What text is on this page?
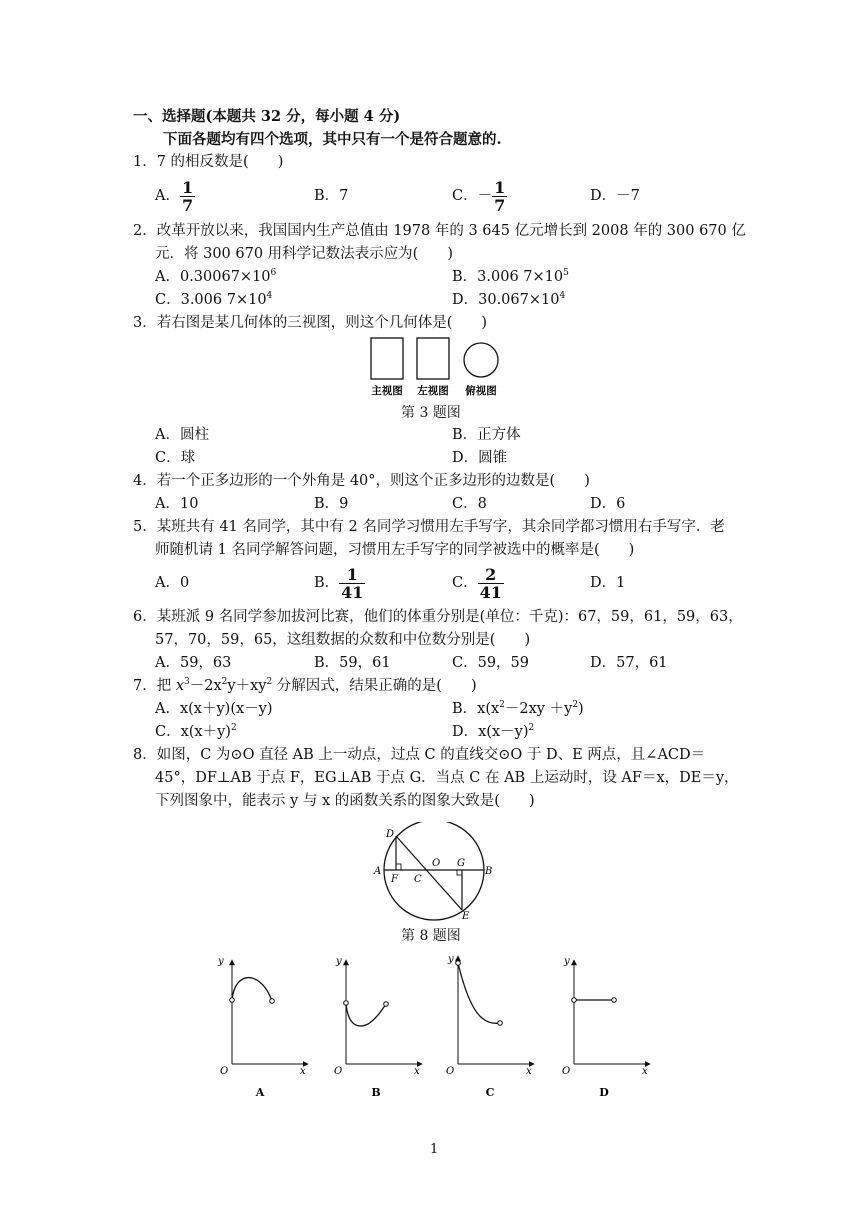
一、选择题(本题共 32 分，每小题 4 分)
下面各题均有四个选项，其中只有一个是符合题意的.
1．7 的相反数是(　　)
A． $\frac{1}{7}$	B．7	C．－ $\frac{1}{7}$	D．－7
2．改革开放以来，我国国内生产总值由 1978 年的 3 645 亿元增长到 2008 年的 300 670 亿
元．将 300 670 用科学记数法表示应为(　　)
A．$0.30067\times 10^6$	B．3.006 $7\times 10^5$
C．3.006 $7\times 10^4$	D．$30.067\times 10^4$
3．若右图是某几何体的三视图，则这个几何体是(　　)
主视图 左视图 俯视图
第 3 题图
A．圆柱	B．正方体
C．球	D．圆锥
4．若一个正多边形的一个外角是 40°，则这个正多边形的边数是(　　)
A．10	B．9	C．8	D．6
5．某班共有 41 名同学，其中有 2 名同学习惯用左手写字，其余同学都习惯用右手写字．老
师随机请 1 名同学解答问题，习惯用左手写字的同学被选中的概率是(　　)
A．0	B． $\frac{1}{41}$	C． $\frac{2}{41}$	D．1
6．某班派 9 名同学参加拔河比赛，他们的体重分别是(单位：千克)：67，59，61，59，63，
57，70，59，65，这组数据的众数和中位数分别是(　　)
A．59，63	B．59，61	C．59，59	D．57，61
7．把 $x^3-2x^2y+xy^2$ 分解因式，结果正确的是(　　)
A．x(x＋y)(x－y)	B．$x(x^2-2xy +y^2)$
C．$x(x+y)^2$	D．$x(x-y)^2$
8．如图，C 为⊙O 直径 AB 上一动点，过点 C 的直线交⊙O 于 D、E 两点，且∠ACD＝
45°，DF⊥AB 于点 F，EG⊥AB 于点 G．当点 C 在 AB 上运动时，设 AF＝x，DE＝y，
下列图象中，能表示 y 与 x 的函数关系的图象大致是(　　)
D
A
F C
O G
B
E
第 8 题图
y
x
O
A
y
x
O
B
y
x
O
C
y
x
O
D
1
